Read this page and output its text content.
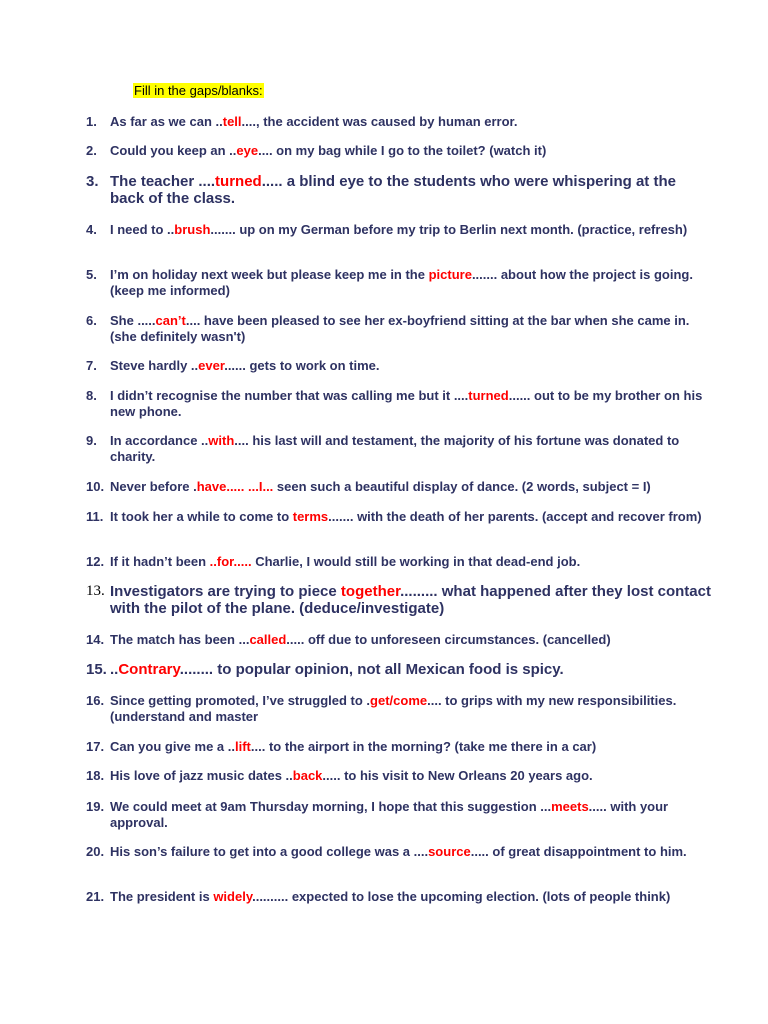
Fill in the gaps/blanks:
1. As far as we can ..tell...., the accident was caused by human error.
2. Could you keep an ..eye.... on my bag while I go to the toilet? (watch it)
3. The teacher ....turned..... a blind eye to the students who were whispering at the back of the class.
4. I need to ..brush....... up on my German before my trip to Berlin next month. (practice, refresh)
5. I’m on holiday next week but please keep me in the picture....... about how the project is going. (keep me informed)
6. She .....can’t.... have been pleased to see her ex-boyfriend sitting at the bar when she came in. (she definitely wasn't)
7. Steve hardly ..ever...... gets to work on time.
8. I didn’t recognise the number that was calling me but it ....turned...... out to be my brother on his new phone.
9. In accordance ..with.... his last will and testament, the majority of his fortune was donated to charity.
10. Never before .have..... ...I... seen such a beautiful display of dance. (2 words, subject = I)
11. It took her a while to come to terms....... with the death of her parents. (accept and recover from)
12. If it hadn’t been ..for..... Charlie, I would still be working in that dead-end job.
13. Investigators are trying to piece together......... what happened after they lost contact with the pilot of the plane. (deduce/investigate)
14. The match has been ...called..... off due to unforeseen circumstances. (cancelled)
15. ..Contrary........ to popular opinion, not all Mexican food is spicy.
16. Since getting promoted, I’ve struggled to .get/come.... to grips with my new responsibilities. (understand and master
17. Can you give me a ..lift.... to the airport in the morning? (take me there in a car)
18. His love of jazz music dates ..back..... to his visit to New Orleans 20 years ago.
19. We could meet at 9am Thursday morning, I hope that this suggestion ...meets..... with your approval.
20. His son’s failure to get into a good college was a ....source..... of great disappointment to him.
21. The president is widely.......... expected to lose the upcoming election. (lots of people think)
